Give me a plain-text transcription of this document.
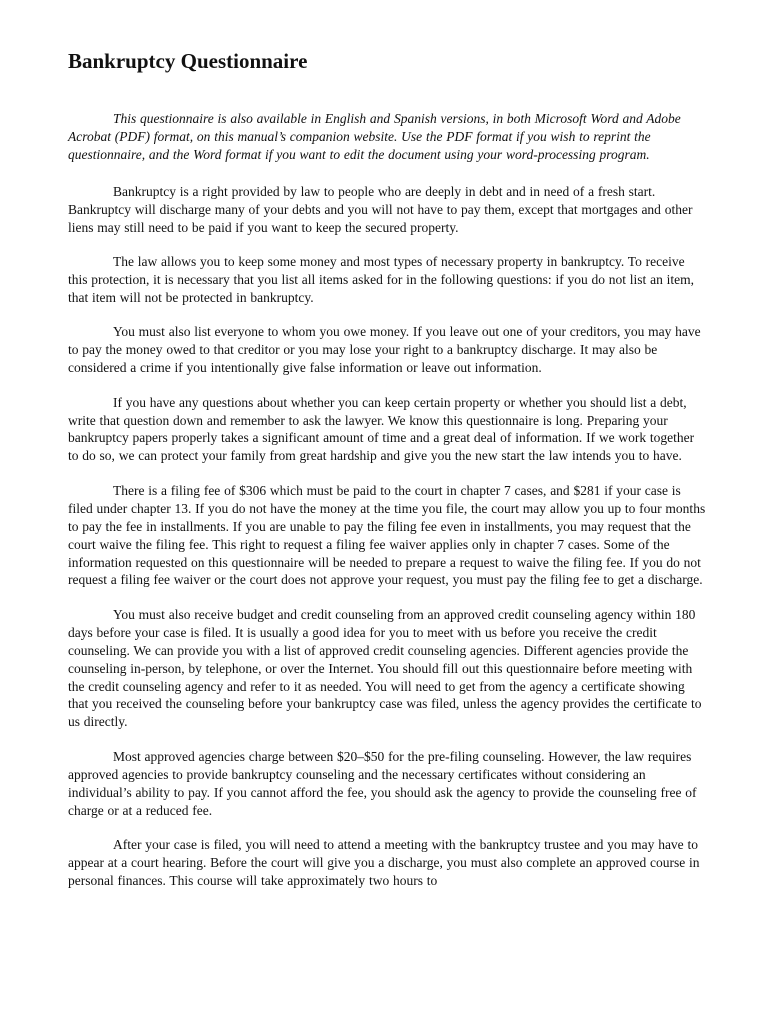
Bankruptcy Questionnaire

This questionnaire is also available in English and Spanish versions, in both Microsoft Word and Adobe Acrobat (PDF) format, on this manual’s companion website. Use the PDF format if you wish to reprint the questionnaire, and the Word format if you want to edit the document using your word-processing program.

Bankruptcy is a right provided by law to people who are deeply in debt and in need of a fresh start. Bankruptcy will discharge many of your debts and you will not have to pay them, except that mortgages and other liens may still need to be paid if you want to keep the secured property.

The law allows you to keep some money and most types of necessary property in bankruptcy. To receive this protection, it is necessary that you list all items asked for in the following questions: if you do not list an item, that item will not be protected in bankruptcy.

You must also list everyone to whom you owe money. If you leave out one of your creditors, you may have to pay the money owed to that creditor or you may lose your right to a bankruptcy discharge. It may also be considered a crime if you intentionally give false information or leave out information.

If you have any questions about whether you can keep certain property or whether you should list a debt, write that question down and remember to ask the lawyer. We know this questionnaire is long. Preparing your bankruptcy papers properly takes a significant amount of time and a great deal of information. If we work together to do so, we can protect your family from great hardship and give you the new start the law intends you to have.

There is a filing fee of $306 which must be paid to the court in chapter 7 cases, and $281 if your case is filed under chapter 13. If you do not have the money at the time you file, the court may allow you up to four months to pay the fee in installments. If you are unable to pay the filing fee even in installments, you may request that the court waive the filing fee. This right to request a filing fee waiver applies only in chapter 7 cases. Some of the information requested on this questionnaire will be needed to prepare a request to waive the filing fee. If you do not request a filing fee waiver or the court does not approve your request, you must pay the filing fee to get a discharge.

You must also receive budget and credit counseling from an approved credit counseling agency within 180 days before your case is filed. It is usually a good idea for you to meet with us before you receive the credit counseling. We can provide you with a list of approved credit counseling agencies. Different agencies provide the counseling in-person, by telephone, or over the Internet. You should fill out this questionnaire before meeting with the credit counseling agency and refer to it as needed. You will need to get from the agency a certificate showing that you received the counseling before your bankruptcy case was filed, unless the agency provides the certificate to us directly.

Most approved agencies charge between $20–$50 for the pre-filing counseling. However, the law requires approved agencies to provide bankruptcy counseling and the necessary certificates without considering an individual’s ability to pay. If you cannot afford the fee, you should ask the agency to provide the counseling free of charge or at a reduced fee.

After your case is filed, you will need to attend a meeting with the bankruptcy trustee and you may have to appear at a court hearing. Before the court will give you a discharge, you must also complete an approved course in personal finances. This course will take approximately two hours to
